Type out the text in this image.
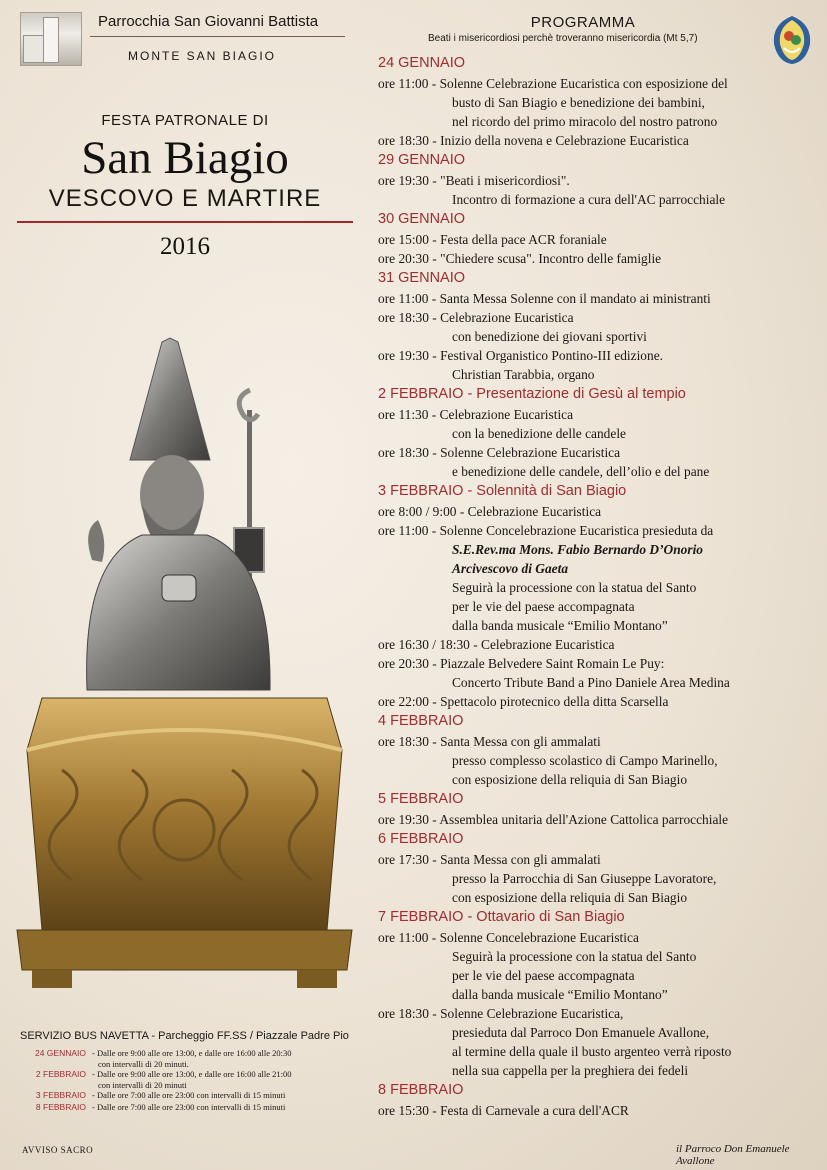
Parrocchia San Giovanni Battista
MONTE SAN BIAGIO
FESTA PATRONALE DI
San Biagio
VESCOVO E MARTIRE
2016
SERVIZIO BUS NAVETTA - Parcheggio FF.SS / Piazzale Padre Pio
24 GENNAIO - Dalle ore 9:00 alle ore 13:00, e dalle ore 16:00 alle 20:30
con intervalli di 20 minuti.
2 FEBBRAIO - Dalle ore 9:00 alle ore 13:00, e dalle ore 16:00 alle 21:00
con intervalli di 20 minuti
3 FEBBRAIO - Dalle ore 7:00 alle ore 23:00 con intervalli di 15 minuti
8 FEBBRAIO - Dalle ore 7:00 alle ore 23:00 con intervalli di 15 minuti
AVVISO SACRO
PROGRAMMA
Beati i misericordiosi perchè troveranno misericordia (Mt 5,7)
24 GENNAIO
ore 11:00 - Solenne Celebrazione Eucaristica con esposizione del
busto di San Biagio e benedizione dei bambini,
nel ricordo del primo miracolo del nostro patrono
ore 18:30 - Inizio della novena e Celebrazione Eucaristica
29 GENNAIO
ore 19:30 - "Beati i misericordiosi".
Incontro di formazione a cura dell'AC parrocchiale
30 GENNAIO
ore 15:00 - Festa della pace ACR foraniale
ore 20:30 - "Chiedere scusa". Incontro delle famiglie
31 GENNAIO
ore 11:00 - Santa Messa Solenne con il mandato ai ministranti
ore 18:30 - Celebrazione Eucaristica
con benedizione dei giovani sportivi
ore 19:30 - Festival Organistico Pontino-III edizione.
Christian Tarabbia, organo
2 FEBBRAIO - Presentazione di Gesù al tempio
ore 11:30 - Celebrazione Eucaristica
con la benedizione delle candele
ore 18:30 - Solenne Celebrazione Eucaristica
e benedizione delle candele, dell’olio e del pane
3 FEBBRAIO - Solennità di San Biagio
ore 8:00 / 9:00 - Celebrazione Eucaristica
ore 11:00 - Solenne Concelebrazione Eucaristica presieduta da
S.E.Rev.ma Mons. Fabio Bernardo D’Onorio
Arcivescovo di Gaeta
Seguirà la processione con la statua del Santo
per le vie del paese accompagnata
dalla banda musicale “Emilio Montano”
ore 16:30 / 18:30 - Celebrazione Eucaristica
ore 20:30 - Piazzale Belvedere Saint Romain Le Puy:
Concerto Tribute Band a Pino Daniele Area Medina
ore 22:00 - Spettacolo pirotecnico della ditta Scarsella
4 FEBBRAIO
ore 18:30 - Santa Messa con gli ammalati
presso complesso scolastico di Campo Marinello,
con esposizione della reliquia di San Biagio
5 FEBBRAIO
ore 19:30 - Assemblea unitaria dell'Azione Cattolica parrocchiale
6 FEBBRAIO
ore 17:30 - Santa Messa con gli ammalati
presso la Parrocchia di San Giuseppe Lavoratore,
con esposizione della reliquia di San Biagio
7 FEBBRAIO - Ottavario di San Biagio
ore 11:00 - Solenne Concelebrazione Eucaristica
Seguirà la processione con la statua del Santo
per le vie del paese accompagnata
dalla banda musicale “Emilio Montano”
ore 18:30 - Solenne Celebrazione Eucaristica,
presieduta dal Parroco Don Emanuele Avallone,
al termine della quale il busto argenteo verrà riposto
nella sua cappella per la preghiera dei fedeli
8 FEBBRAIO
ore 15:30 - Festa di Carnevale a cura dell'ACR
il Parroco Don Emanuele Avallone
